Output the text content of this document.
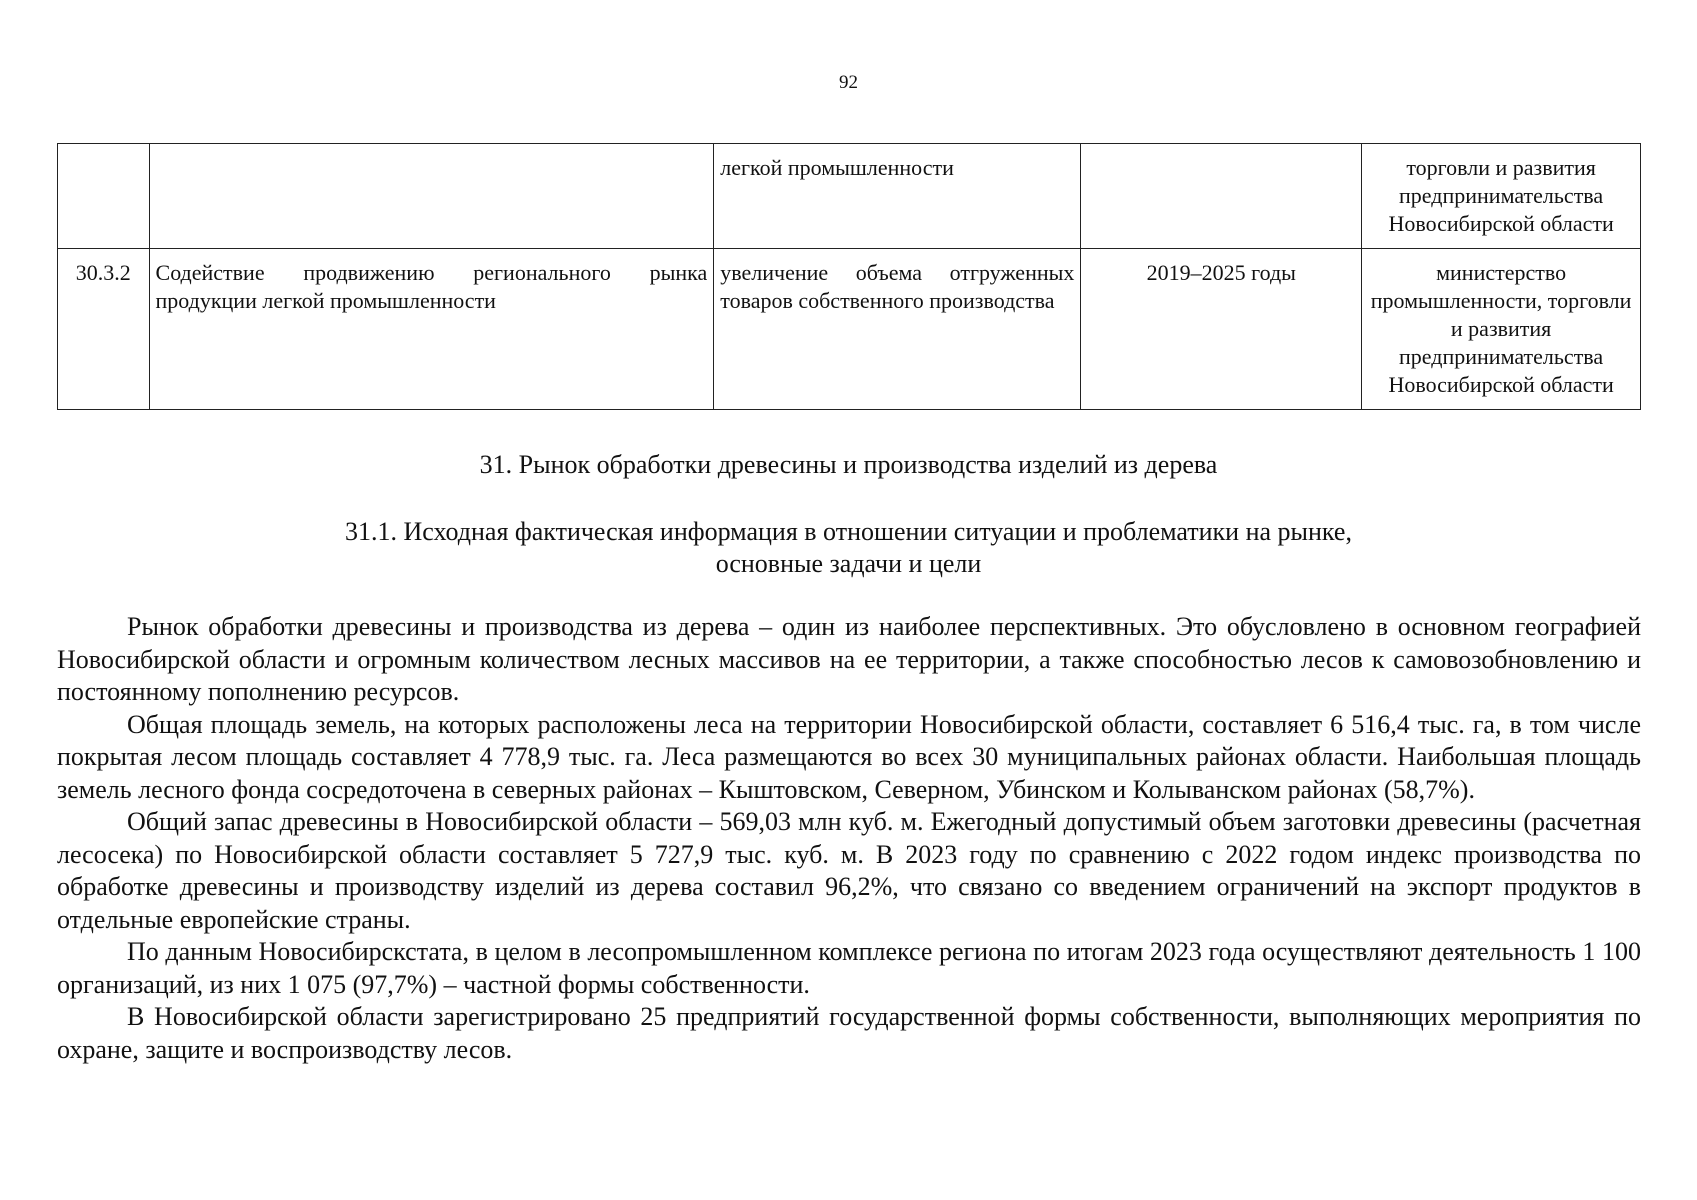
92
		легкой промышленности		торговли и развития предпринимательства Новосибирской области
30.3.2	Содействие продвижению регионального рынка продукции легкой промышленности	увеличение объема отгруженных товаров собственного производства	2019–2025 годы	министерство промышленности, торговли и развития предпринимательства Новосибирской области
31. Рынок обработки древесины и производства изделий из дерева
31.1. Исходная фактическая информация в отношении ситуации и проблематики на рынке,
основные задачи и цели

Рынок обработки древесины и производства из дерева – один из наиболее перспективных. Это обусловлено в основном географией Новосибирской области и огромным количеством лесных массивов на ее территории, а также способностью лесов к самовозобновлению и постоянному пополнению ресурсов.

Общая площадь земель, на которых расположены леса на территории Новосибирской области, составляет 6 516,4 тыс. га, в том числе покрытая лесом площадь составляет 4 778,9 тыс. га. Леса размещаются во всех 30 муниципальных районах области. Наибольшая площадь земель лесного фонда сосредоточена в северных районах – Кыштовском, Северном, Убинском и Колыванском районах (58,7%).

Общий запас древесины в Новосибирской области – 569,03 млн куб. м. Ежегодный допустимый объем заготовки древесины (расчетная лесосека) по Новосибирской области составляет 5 727,9 тыс. куб. м. В 2023 году по сравнению с 2022 годом индекс производства по обработке древесины и производству изделий из дерева составил 96,2%, что связано со введением ограничений на экспорт продуктов в отдельные европейские страны.

По данным Новосибирскстата, в целом в лесопромышленном комплексе региона по итогам 2023 года осуществляют деятельность 1 100 организаций, из них 1 075 (97,7%) – частной формы собственности.

В Новосибирской области зарегистрировано 25 предприятий государственной формы собственности, выполняющих мероприятия по охране, защите и воспроизводству лесов.
